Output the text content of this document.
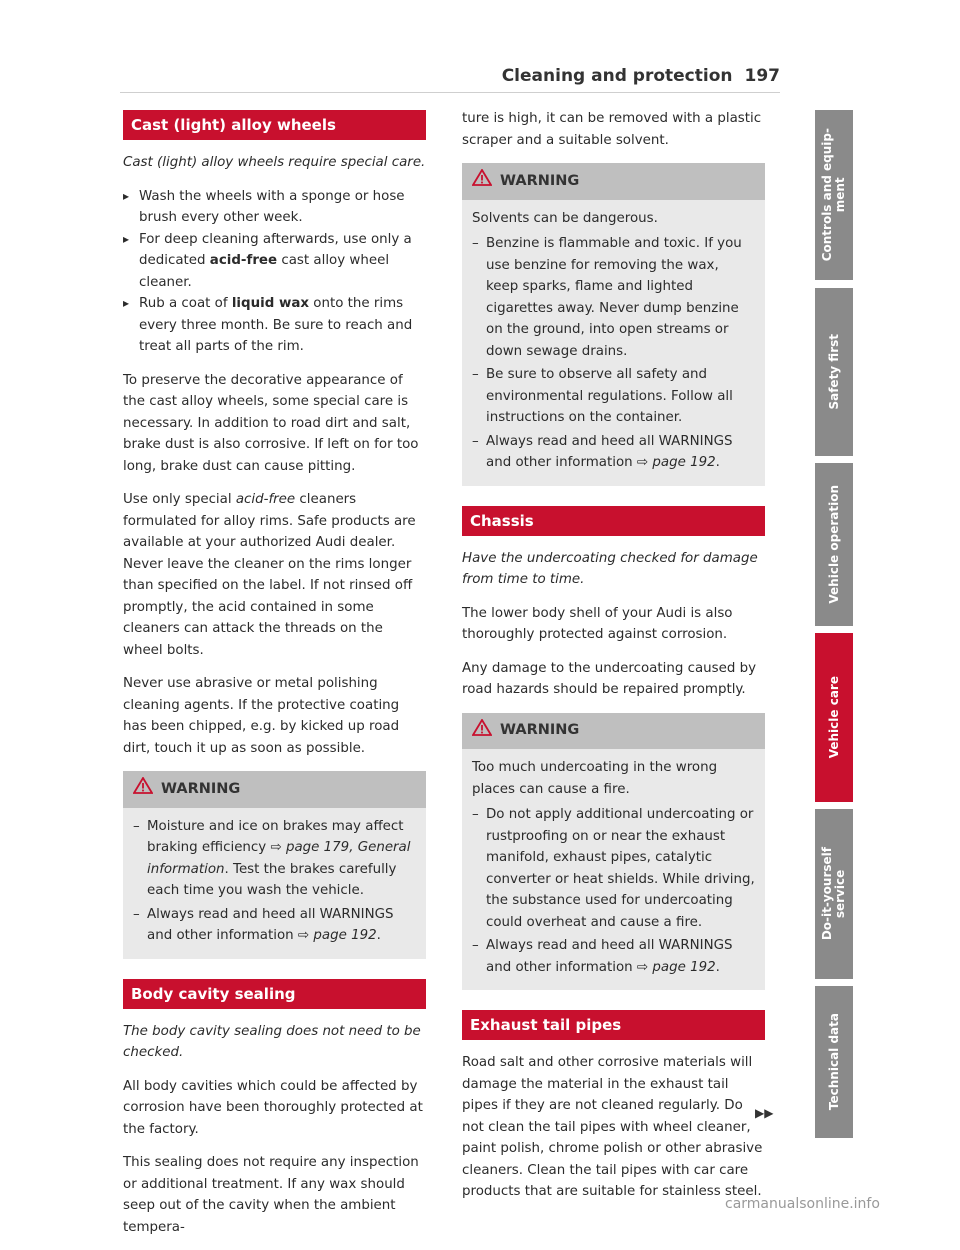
Cleaning and protection 197
Cast (light) alloy wheels

Cast (light) alloy wheels require special care.

▸ Wash the wheels with a sponge or hose brush every other week.
▸ For deep cleaning afterwards, use only a dedicated acid-free cast alloy wheel cleaner.
▸ Rub a coat of liquid wax onto the rims every three month. Be sure to reach and treat all parts of the rim.

To preserve the decorative appearance of the cast alloy wheels, some special care is necessary. In addition to road dirt and salt, brake dust is also corrosive. If left on for too long, brake dust can cause pitting.

Use only special acid-free cleaners formulated for alloy rims. Safe products are available at your authorized Audi dealer. Never leave the cleaner on the rims longer than specified on the label. If not rinsed off promptly, the acid contained in some cleaners can attack the threads on the wheel bolts.

Never use abrasive or metal polishing cleaning agents. If the protective coating has been chipped, e.g. by kicked up road dirt, touch it up as soon as possible.

WARNING
– Moisture and ice on brakes may affect braking efficiency ⇨ page 179, General information. Test the brakes carefully each time you wash the vehicle.
– Always read and heed all WARNINGS and other information ⇨ page 192.
Body cavity sealing

The body cavity sealing does not need to be checked.

All body cavities which could be affected by corrosion have been thoroughly protected at the factory.

This sealing does not require any inspection or additional treatment. If any wax should seep out of the cavity when the ambient tempera-

ture is high, it can be removed with a plastic scraper and a suitable solvent.

WARNING

Solvents can be dangerous.

– Benzine is flammable and toxic. If you use benzine for removing the wax, keep sparks, flame and lighted cigarettes away. Never dump benzine on the ground, into open streams or down sewage drains.
– Be sure to observe all safety and environmental regulations. Follow all instructions on the container.
– Always read and heed all WARNINGS and other information ⇨ page 192.
Chassis

Have the undercoating checked for damage from time to time.

The lower body shell of your Audi is also thoroughly protected against corrosion.

Any damage to the undercoating caused by road hazards should be repaired promptly.

WARNING

Too much undercoating in the wrong places can cause a fire.

– Do not apply additional undercoating or rustproofing on or near the exhaust manifold, exhaust pipes, catalytic converter or heat shields. While driving, the substance used for undercoating could overheat and cause a fire.
– Always read and heed all WARNINGS and other information ⇨ page 192.
Exhaust tail pipes

Road salt and other corrosive materials will damage the material in the exhaust tail pipes if they are not cleaned regularly. Do not clean the tail pipes with wheel cleaner, paint polish, chrome polish or other abrasive cleaners. Clean the tail pipes with car care products that are suitable for stainless steel.

▶▶
Controls and equip-
ment
Safety first
Vehicle operation
Vehicle care
Do-it-yourself
service
Technical data
carmanualsonline.info
